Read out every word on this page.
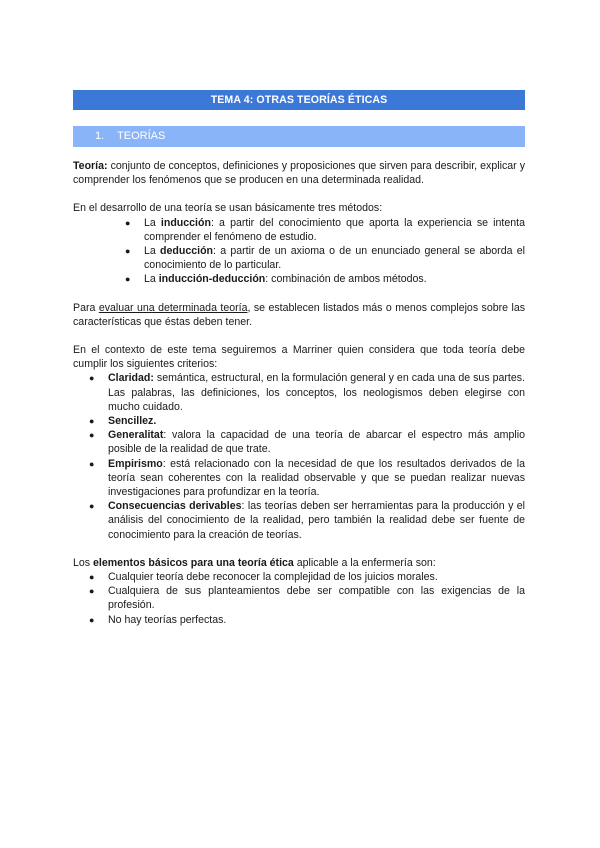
TEMA 4: OTRAS TEORÍAS ÉTICAS
1. TEORÍAS

Teoría: conjunto de conceptos, definiciones y proposiciones que sirven para describir, explicar y comprender los fenómenos que se producen en una determinada realidad.

En el desarrollo de una teoría se usan básicamente tres métodos:

● La inducción: a partir del conocimiento que aporta la experiencia se intenta comprender el fenómeno de estudio.
● La deducción: a partir de un axioma o de un enunciado general se aborda el conocimiento de lo particular.
● La inducción-deducción: combinación de ambos métodos.

Para evaluar una determinada teoría, se establecen listados más o menos complejos sobre las características que éstas deben tener.

En el contexto de este tema seguiremos a Marriner quien considera que toda teoría debe cumplir los siguientes criterios:

● Claridad: semántica, estructural, en la formulación general y en cada una de sus partes. Las palabras, las definiciones, los conceptos, los neologismos deben elegirse con mucho cuidado.
● Sencillez.
● Generalitat: valora la capacidad de una teoría de abarcar el espectro más amplio posible de la realidad de que trate.
● Empirismo: está relacionado con la necesidad de que los resultados derivados de la teoría sean coherentes con la realidad observable y que se puedan realizar nuevas investigaciones para profundizar en la teoría.
● Consecuencias derivables: las teorías deben ser herramientas para la producción y el análisis del conocimiento de la realidad, pero también la realidad debe ser fuente de conocimiento para la creación de teorías.

Los elementos básicos para una teoría ética aplicable a la enfermería son:

● Cualquier teoría debe reconocer la complejidad de los juicios morales.
● Cualquiera de sus planteamientos debe ser compatible con las exigencias de la profesión.
● No hay teorías perfectas.
